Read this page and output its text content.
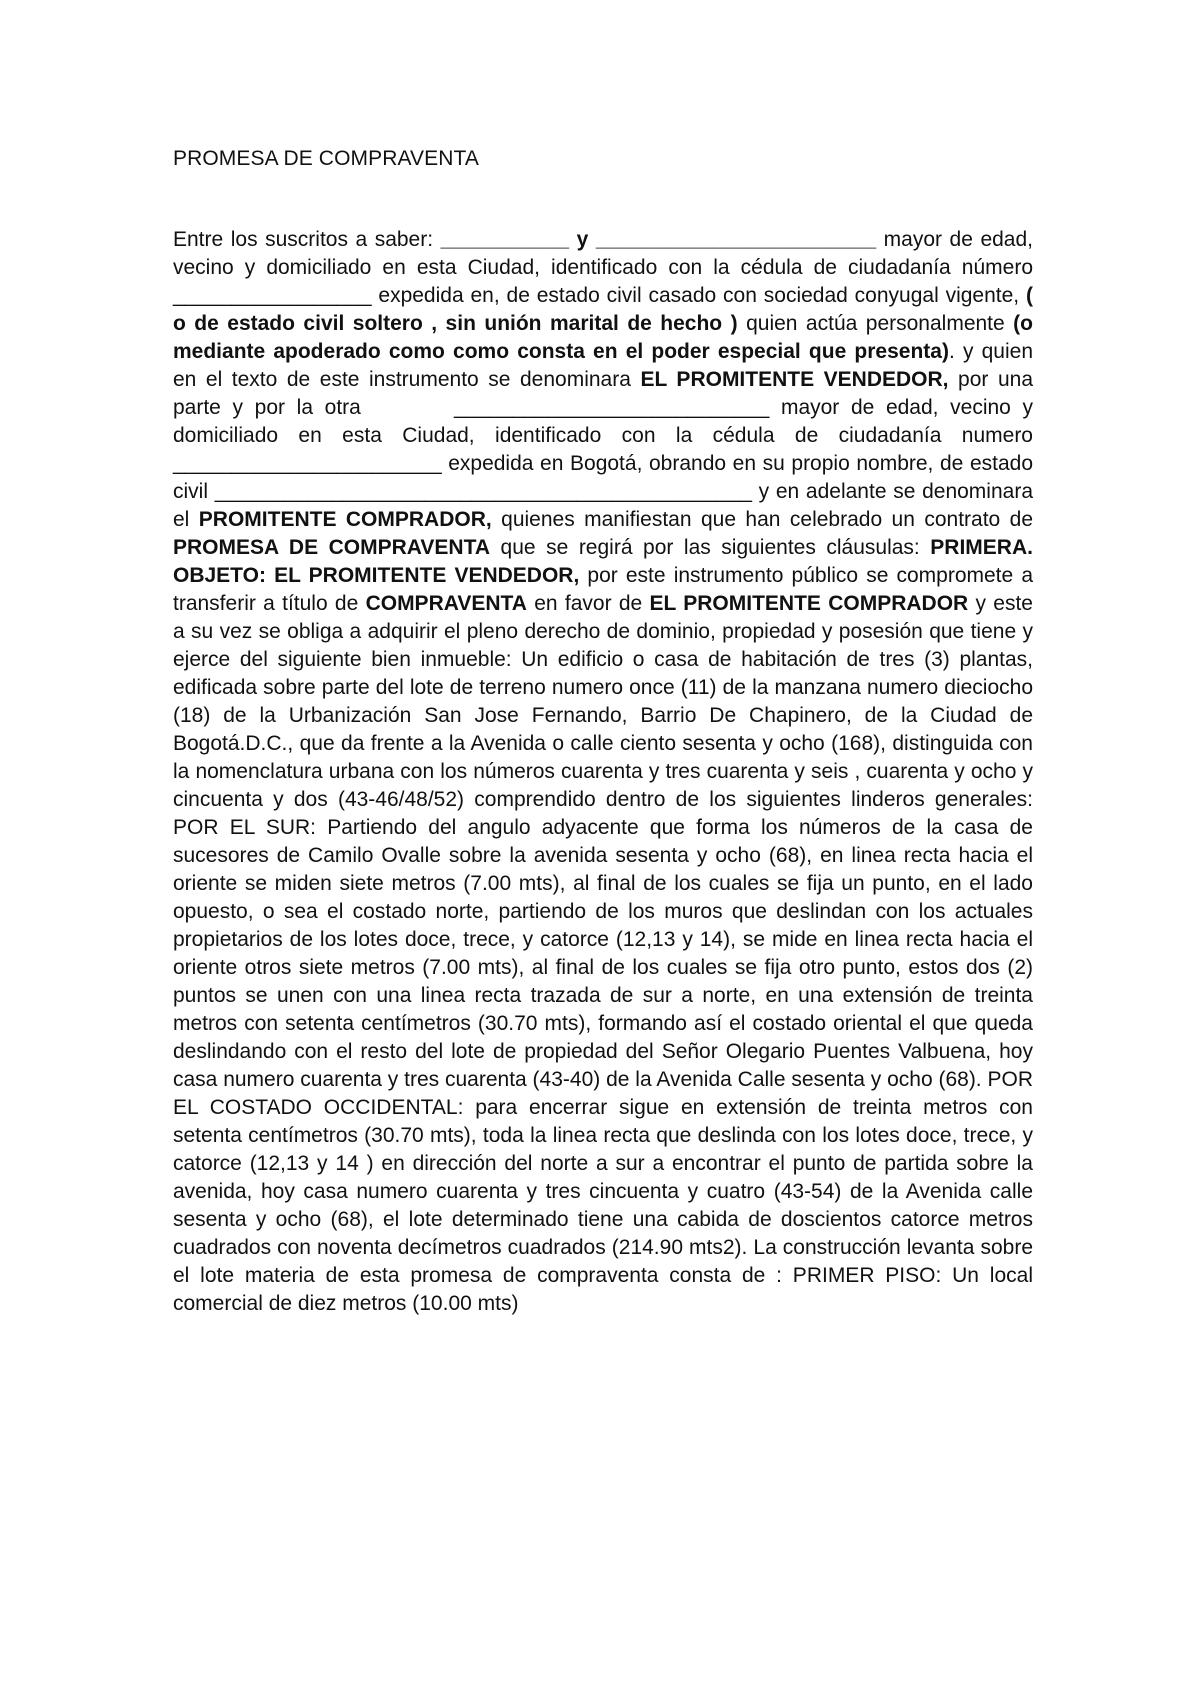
PROMESA DE COMPRAVENTA

Entre los suscritos a saber: ___________ y ________________________ mayor de edad, vecino y domiciliado en esta Ciudad, identificado con la cédula de ciudadanía número _________________ expedida en, de estado civil casado con sociedad conyugal vigente, ( o de estado civil soltero , sin unión marital de hecho ) quien actúa personalmente (o mediante apoderado como como consta en el poder especial que presenta). y quien en el texto de este instrumento se denominara EL PROMITENTE VENDEDOR, por una parte y por la otra        ___________________________ mayor de edad, vecino y domiciliado en esta Ciudad, identificado con la cédula de ciudadanía numero _______________________ expedida en Bogotá, obrando en su propio nombre, de estado civil ______________________________________________ y en adelante se denominara el PROMITENTE COMPRADOR, quienes manifiestan que han celebrado un contrato de PROMESA DE COMPRAVENTA que se regirá por las siguientes cláusulas: PRIMERA. OBJETO: EL PROMITENTE VENDEDOR, por este instrumento público se compromete a transferir a título de COMPRAVENTA en favor de EL PROMITENTE COMPRADOR y este a su vez se obliga a adquirir el pleno derecho de dominio, propiedad y posesión que tiene y ejerce del siguiente bien inmueble: Un edificio o casa de habitación de tres (3) plantas, edificada sobre parte del lote de terreno numero once (11) de la manzana numero dieciocho (18) de la Urbanización San Jose Fernando, Barrio De Chapinero, de la Ciudad de Bogotá.D.C., que da frente a la Avenida o calle ciento sesenta y ocho (168), distinguida con la nomenclatura urbana con los números cuarenta y tres cuarenta y seis , cuarenta y ocho y cincuenta y dos (43-46/48/52) comprendido dentro de los siguientes linderos generales: POR EL SUR: Partiendo del angulo adyacente que forma los números de la casa de sucesores de Camilo Ovalle sobre la avenida sesenta y ocho (68), en linea recta hacia el oriente se miden siete metros (7.00 mts), al final de los cuales se fija un punto, en el lado opuesto, o sea el costado norte, partiendo de los muros que deslindan con los actuales propietarios de los lotes doce, trece, y catorce (12,13 y 14), se mide en linea recta hacia el oriente otros siete metros (7.00 mts), al final de los cuales se fija otro punto, estos dos (2) puntos se unen con una linea recta trazada de sur a norte, en una extensión de treinta metros con setenta centímetros (30.70 mts), formando así el costado oriental el que queda deslindando con el resto del lote de propiedad del Señor Olegario Puentes Valbuena, hoy casa numero cuarenta y tres cuarenta (43-40) de la Avenida Calle sesenta y ocho (68). POR EL COSTADO OCCIDENTAL: para encerrar sigue en extensión de treinta metros con setenta centímetros (30.70 mts), toda la linea recta que deslinda con los lotes doce, trece, y catorce (12,13 y 14 ) en dirección del norte a sur a encontrar el punto de partida sobre la avenida, hoy casa numero cuarenta y tres cincuenta y cuatro (43-54) de la Avenida calle sesenta y ocho (68), el lote determinado tiene una cabida de doscientos catorce metros cuadrados con noventa decímetros cuadrados (214.90 mts2). La construcción levanta sobre el lote materia de esta promesa de compraventa consta de : PRIMER PISO: Un local comercial de diez metros (10.00 mts)
